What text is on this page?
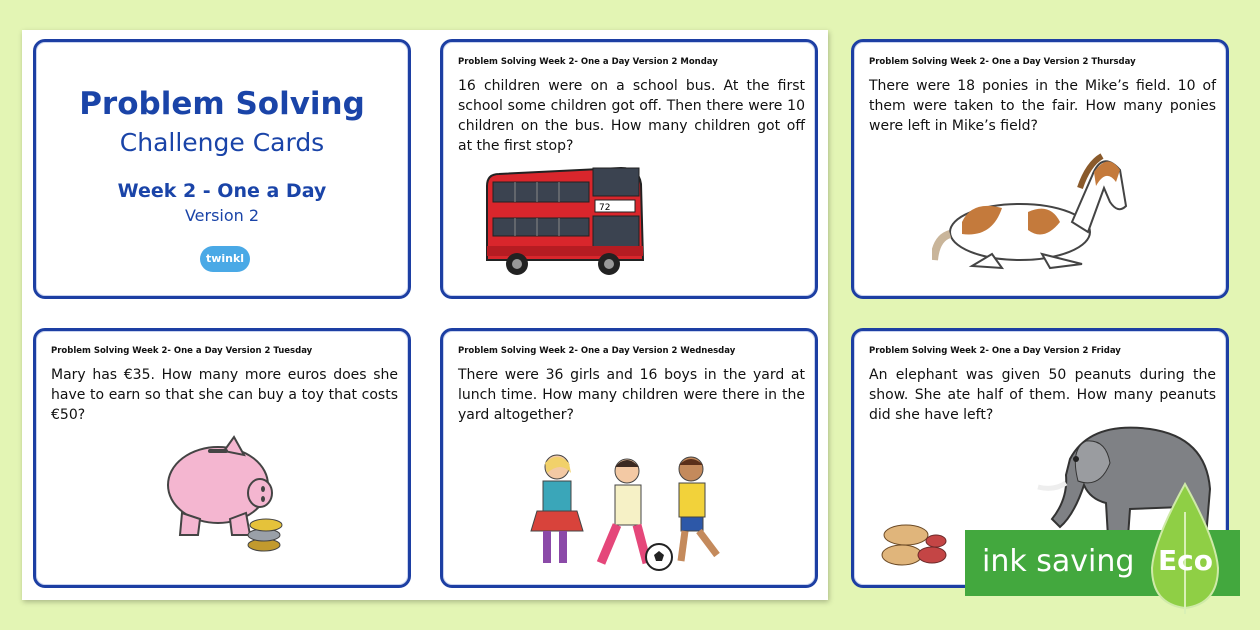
Problem Solving
Challenge Cards
Week 2 - One a Day
Version 2
twinkl
Problem Solving Week 2- One a Day Version 2 Monday
16 children were on a school bus. At the first school some children got off. Then there were 10 children on the bus. How many children got off at the first stop?
72
Problem Solving Week 2- One a Day Version 2 Thursday
There were 18 ponies in the Mike’s field. 10 of them were taken to the fair. How many ponies were left in Mike’s field?
Problem Solving Week 2- One a Day Version 2 Tuesday
Mary has €35. How many more euros does she have to earn so that she can buy a toy that costs €50?
Problem Solving Week 2- One a Day Version 2 Wednesday
There were 36 girls and 16 boys in the yard at lunch time. How many children were there in the yard altogether?
Problem Solving Week 2- One a Day Version 2 Friday
An elephant was given 50 peanuts during the show. She ate half of them. How many peanuts did she have left?
ink saving Eco
